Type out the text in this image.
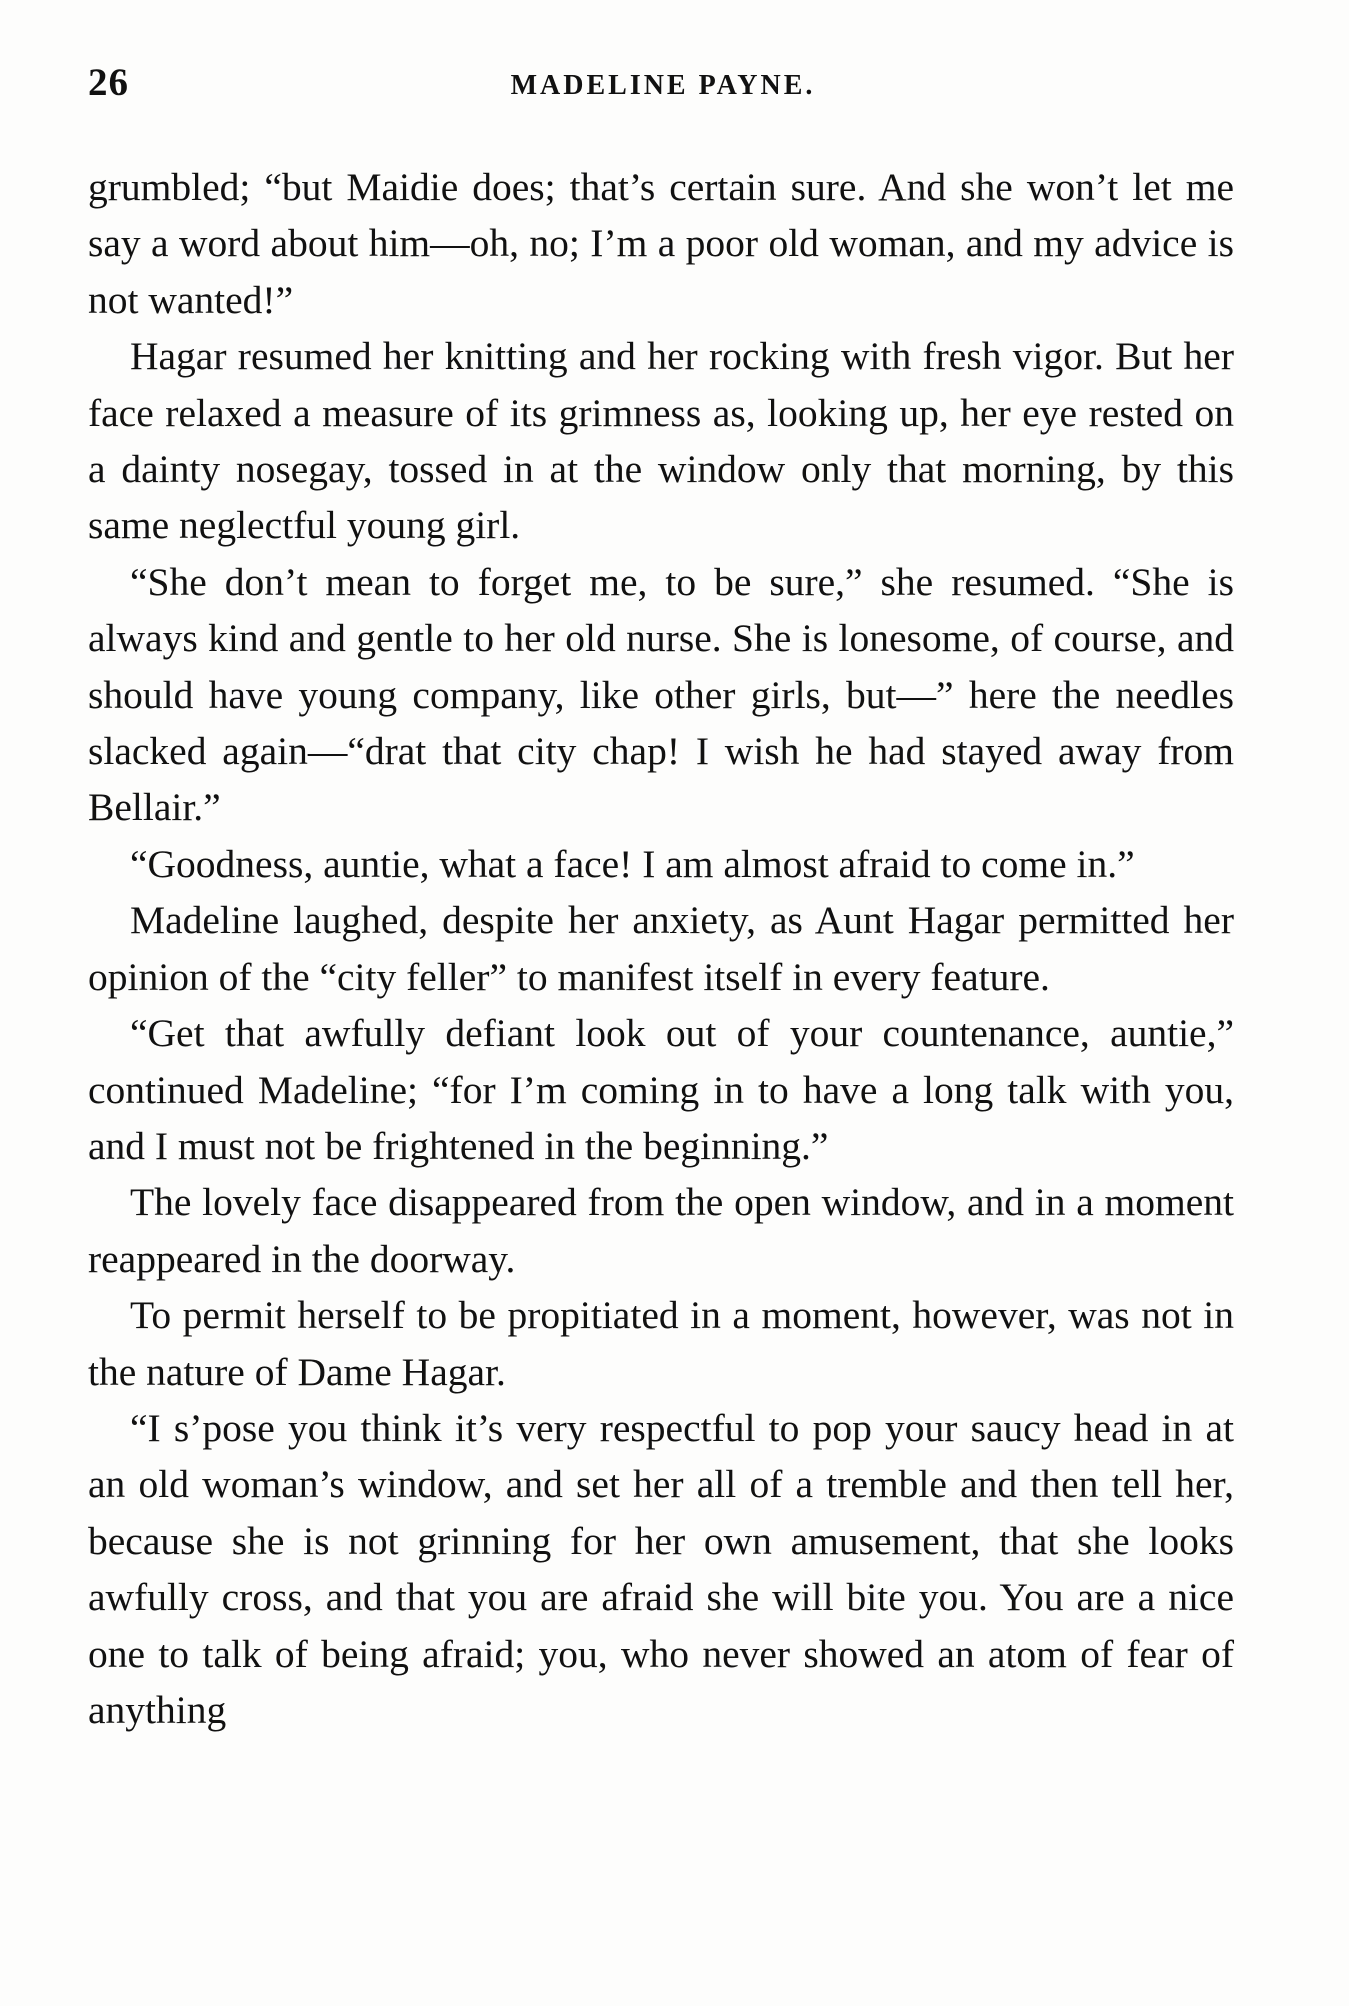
26	MADELINE PAYNE.

grumbled; “but Maidie does; that’s certain sure. And she won’t let me say a word about him—oh, no; I’m a poor old woman, and my advice is not wanted!”

Hagar resumed her knitting and her rocking with fresh vigor. But her face relaxed a measure of its grimness as, looking up, her eye rested on a dainty nosegay, tossed in at the window only that morning, by this same neglectful young girl.

“She don’t mean to forget me, to be sure,” she resumed. “She is always kind and gentle to her old nurse. She is lonesome, of course, and should have young company, like other girls, but—” here the needles slacked again—“drat that city chap! I wish he had stayed away from Bellair.”

“Goodness, auntie, what a face! I am almost afraid to come in.”

Madeline laughed, despite her anxiety, as Aunt Hagar permitted her opinion of the “city feller” to manifest itself in every feature.

“Get that awfully defiant look out of your countenance, auntie,” continued Madeline; “for I’m coming in to have a long talk with you, and I must not be frightened in the beginning.”

The lovely face disappeared from the open window, and in a moment reappeared in the doorway.

To permit herself to be propitiated in a moment, however, was not in the nature of Dame Hagar.

“I s’pose you think it’s very respectful to pop your saucy head in at an old woman’s window, and set her all of a tremble and then tell her, because she is not grinning for her own amusement, that she looks awfully cross, and that you are afraid she will bite you. You are a nice one to talk of being afraid; you, who never showed an atom of fear of anything
